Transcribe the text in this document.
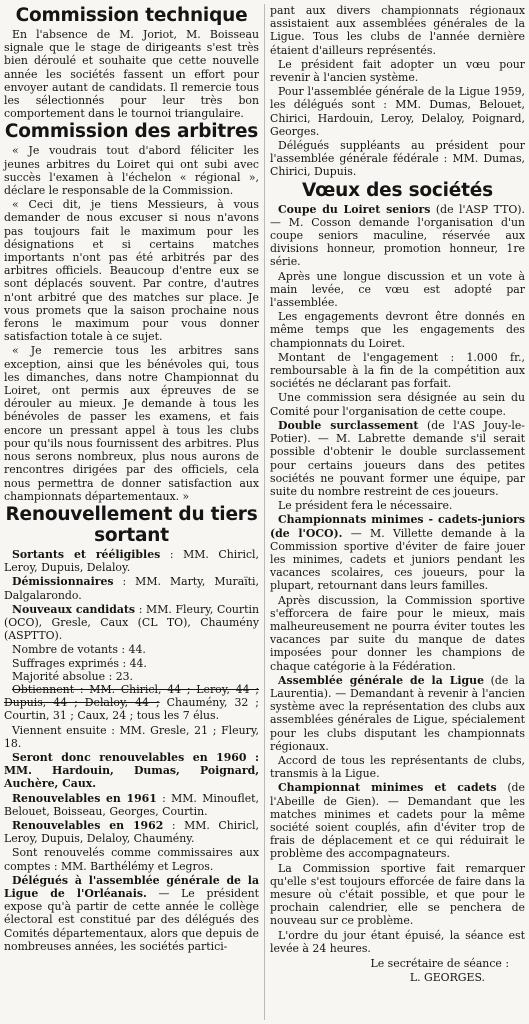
Commission technique

En l'absence de M. Joriot, M. Boisseau signale que le stage de dirigeants s'est très bien déroulé et souhaite que cette nouvelle année les sociétés fassent un effort pour envoyer autant de candidats. Il remercie tous les sélectionnés pour leur très bon comportement dans le tournoi triangulaire.

Commission des arbitres

« Je voudrais tout d'abord féliciter les jeunes arbitres du Loiret qui ont subi avec succès l'examen à l'échelon « régional », déclare le responsable de la Commission.

« Ceci dit, je tiens Messieurs, à vous demander de nous excuser si nous n'avons pas toujours fait le maximum pour les désignations et si certains matches importants n'ont pas été arbitrés par des arbitres officiels. Beaucoup d'entre eux se sont déplacés souvent. Par contre, d'autres n'ont arbitré que des matches sur place. Je vous promets que la saison prochaine nous ferons le maximum pour vous donner satisfaction totale à ce sujet.

« Je remercie tous les arbitres sans exception, ainsi que les bénévoles qui, tous les dimanches, dans notre Championnat du Loiret, ont permis aux épreuves de se dérouler au mieux. Je demande à tous les bénévoles de passer les examens, et fais encore un pressant appel à tous les clubs pour qu'ils nous fournissent des arbitres. Plus nous serons nombreux, plus nous aurons de rencontres dirigées par des officiels, cela nous permettra de donner satisfaction aux championnats départementaux. »

Renouvellement du tiers sortant

Sortants et rééligibles : MM. Chiricl, Leroy, Dupuis, Delaloy.

Démissionnaires : MM. Marty, Muraïti, Dalgalarondo.

Nouveaux candidats : MM. Fleury, Courtin (OCO), Gresle, Caux (CL TO), Chaumény (ASPTTO).

Nombre de votants : 44.

Suffrages exprimés : 44.

Majorité absolue : 23.

Obtiennent : MM. Chiricl, 44 ; Leroy, 44 ; Dupuis, 44 ; Delaloy, 44 ; Chaumény, 32 ; Courtin, 31 ; Caux, 24 ; tous les 7 élus.

Viennent ensuite : MM. Gresle, 21 ; Fleury, 18.

Seront donc renouvelables en 1960 : MM. Hardouin, Dumas, Poignard, Auchère, Caux.

Renouvelables en 1961 : MM. Minouflet, Belouet, Boisseau, Georges, Courtin.

Renouvelables en 1962 : MM. Chiricl, Leroy, Dupuis, Delaloy, Chaumény.

Sont renouvelés comme commissaires aux comptes : MM. Barthélémy et Legros.

Délégués à l'assemblée générale de la Ligue de l'Orléanais. — Le président expose qu'à partir de cette année le collège électoral est constitué par des délégués des Comités départementaux, alors que depuis de nombreuses années, les sociétés partici-

pant aux divers championnats régionaux assistaient aux assemblées générales de la Ligue. Tous les clubs de l'année dernière étaient d'ailleurs représentés.

Le président fait adopter un vœu pour revenir à l'ancien système.

Pour l'assemblée générale de la Ligue 1959, les délégués sont : MM. Dumas, Belouet, Chirici, Hardouin, Leroy, Delaloy, Poignard, Georges.

Délégués suppléants au président pour l'assemblée générale fédérale : MM. Dumas, Chirici, Dupuis.

Vœux des sociétés

Coupe du Loiret seniors (de l'ASP TTO). — M. Cosson demande l'organisation d'un coupe seniors maculine, réservée aux divisions honneur, promotion honneur, 1re série.

Après une longue discussion et un vote à main levée, ce vœu est adopté par l'assemblée.

Les engagements devront être donnés en même temps que les engagements des championnats du Loiret.

Montant de l'engagement : 1.000 fr., remboursable à la fin de la compétition aux sociétés ne déclarant pas forfait.

Une commission sera désignée au sein du Comité pour l'organisation de cette coupe.

Double surclassement (de l'AS Jouy-le-Potier). — M. Labrette demande s'il serait possible d'obtenir le double surclassement pour certains joueurs dans des petites sociétés ne pouvant former une équipe, par suite du nombre restreint de ces joueurs.

Le président fera le nécessaire.

Championnats minimes - cadets-juniors (de l'OCO). — M. Villette demande à la Commission sportive d'éviter de faire jouer les minimes, cadets et juniors pendant les vacances scolaires, ces joueurs, pour la plupart, retournant dans leurs familles.

Après discussion, la Commission sportive s'efforcera de faire pour le mieux, mais malheureusement ne pourra éviter toutes les vacances par suite du manque de dates imposées pour donner les champions de chaque catégorie à la Fédération.

Assemblée générale de la Ligue (de la Laurentia). — Demandant à revenir à l'ancien système avec la représentation des clubs aux assemblées générales de Ligue, spécialement pour les clubs disputant les championnats régionaux.

Accord de tous les représentants de clubs, transmis à la Ligue.

Championnat minimes et cadets (de l'Abeille de Gien). — Demandant que les matches minimes et cadets pour la même société soient couplés, afin d'éviter trop de frais de déplacement et ce qui réduirait le problème des accompagnateurs.

La Commission sportive fait remarquer qu'elle s'est toujours efforcée de faire dans la mesure où c'était possible, et que pour le prochain calendrier, elle se penchera de nouveau sur ce problème.

L'ordre du jour étant épuisé, la séance est levée à 24 heures.

Le secrétaire de séance :

L. GEORGES.
